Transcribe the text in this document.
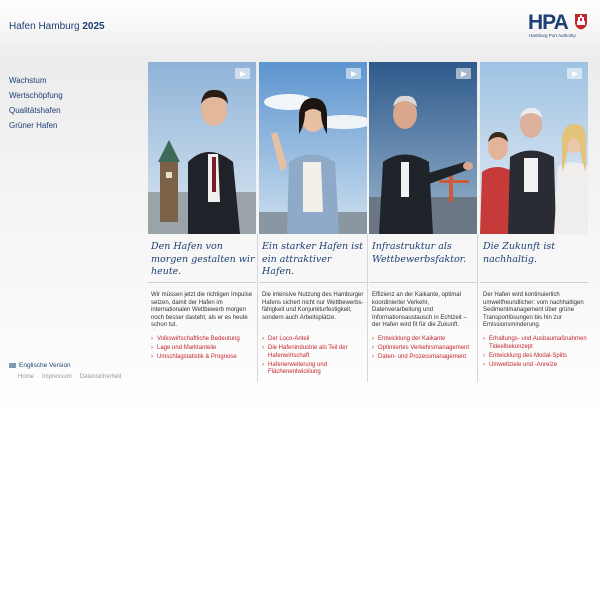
Hafen Hamburg 2025	HPA
Hamburg Port Authority
Wachstum
Wertschöpfung
Qualitätshafen
Grüner Hafen
Englische Version
Home · Impressum · Datensicherheit
Den Hafen von morgen gestalten wir heute.

Wir müssen jetzt die richtigen Impulse setzen, damit der Hafen im internationalen Wettbewerb morgen noch besser dasteht, als er es heute schon tut.

› Volkswirtschaftliche Bedeutung
› Lage und Marktanteile
› Umschlagstatistik & Prognose
Ein starker Hafen ist ein attraktiver Hafen.

Die intensive Nutzung des Hamburger Hafens sichert nicht nur Wettbewerbs-fähigkeit und Konjunkturfestigkeit, sondern auch Arbeitsplätze.

› Der Loco-Anteil
› Die Hafenindustrie als Teil der Hafenwirtschaft
› Hafenerweiterung und Flächenentwicklung
Infrastruktur als Wettbewerbsfaktor.

Effizienz an der Kaikante, optimal koordinierter Verkehr, Datenverarbeitung und Informationsaustausch in Echtzeit – der Hafen wird fit für die Zukunft.

› Entwicklung der Kaikante
› Optimiertes Verkehrsmanagement
› Daten- und Prozessmanagement
Die Zukunft ist nachhaltig.

Der Hafen wird kontinuierlich umweltfreundlicher: vom nachhaltigen Sedimentmanagement über grüne Transportlösungen bis hin zur Emissionsminderung.

› Erhaltungs- und Ausbaumaßnahmen Tideelbekonzept
› Entwicklung des Modal-Splits
› Umweltziele und -Anreize
